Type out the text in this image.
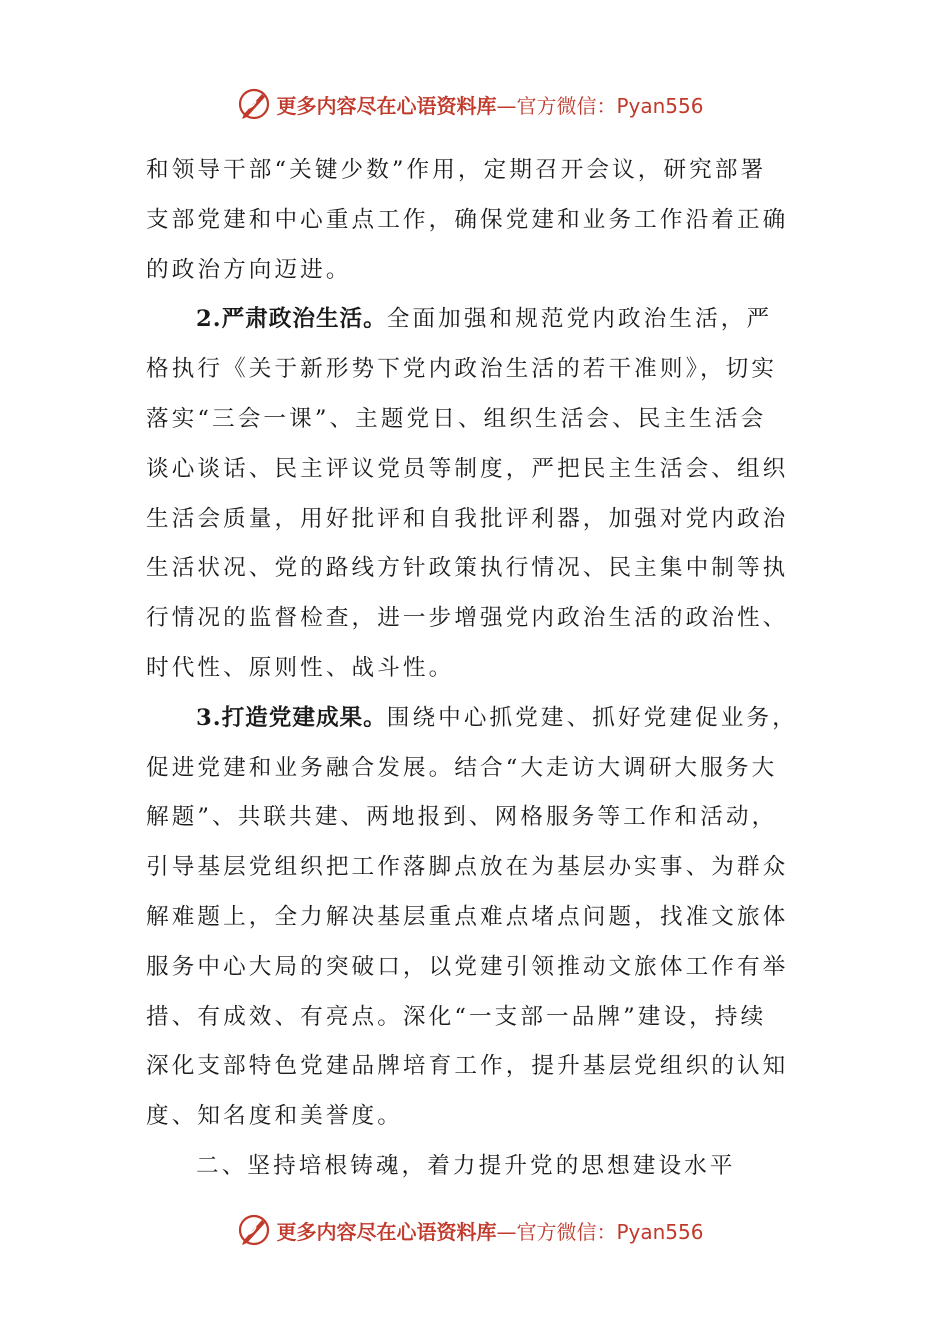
更多内容尽在心语资料库 —官方微信：Pyan556
和领导干部“关键少数”作用，定期召开会议，研究部署
支部党建和中心重点工作，确保党建和业务工作沿着正确
的政治方向迈进。
2.严肃政治生活。全面加强和规范党内政治生活，严
格执行《关于新形势下党内政治生活的若干准则》，切实
落实“三会一课”、主题党日、组织生活会、民主生活会
谈心谈话、民主评议党员等制度，严把民主生活会、组织
生活会质量，用好批评和自我批评利器，加强对党内政治
生活状况、党的路线方针政策执行情况、民主集中制等执
行情况的监督检查，进一步增强党内政治生活的政治性、
时代性、原则性、战斗性。
3.打造党建成果。围绕中心抓党建、抓好党建促业务，
促进党建和业务融合发展。结合“大走访大调研大服务大
解题”、共联共建、两地报到、网格服务等工作和活动，
引导基层党组织把工作落脚点放在为基层办实事、为群众
解难题上，全力解决基层重点难点堵点问题，找准文旅体
服务中心大局的突破口，以党建引领推动文旅体工作有举
措、有成效、有亮点。深化“一支部一品牌”建设，持续
深化支部特色党建品牌培育工作，提升基层党组织的认知
度、知名度和美誉度。
二、坚持培根铸魂，着力提升党的思想建设水平
更多内容尽在心语资料库 —官方微信：Pyan556
